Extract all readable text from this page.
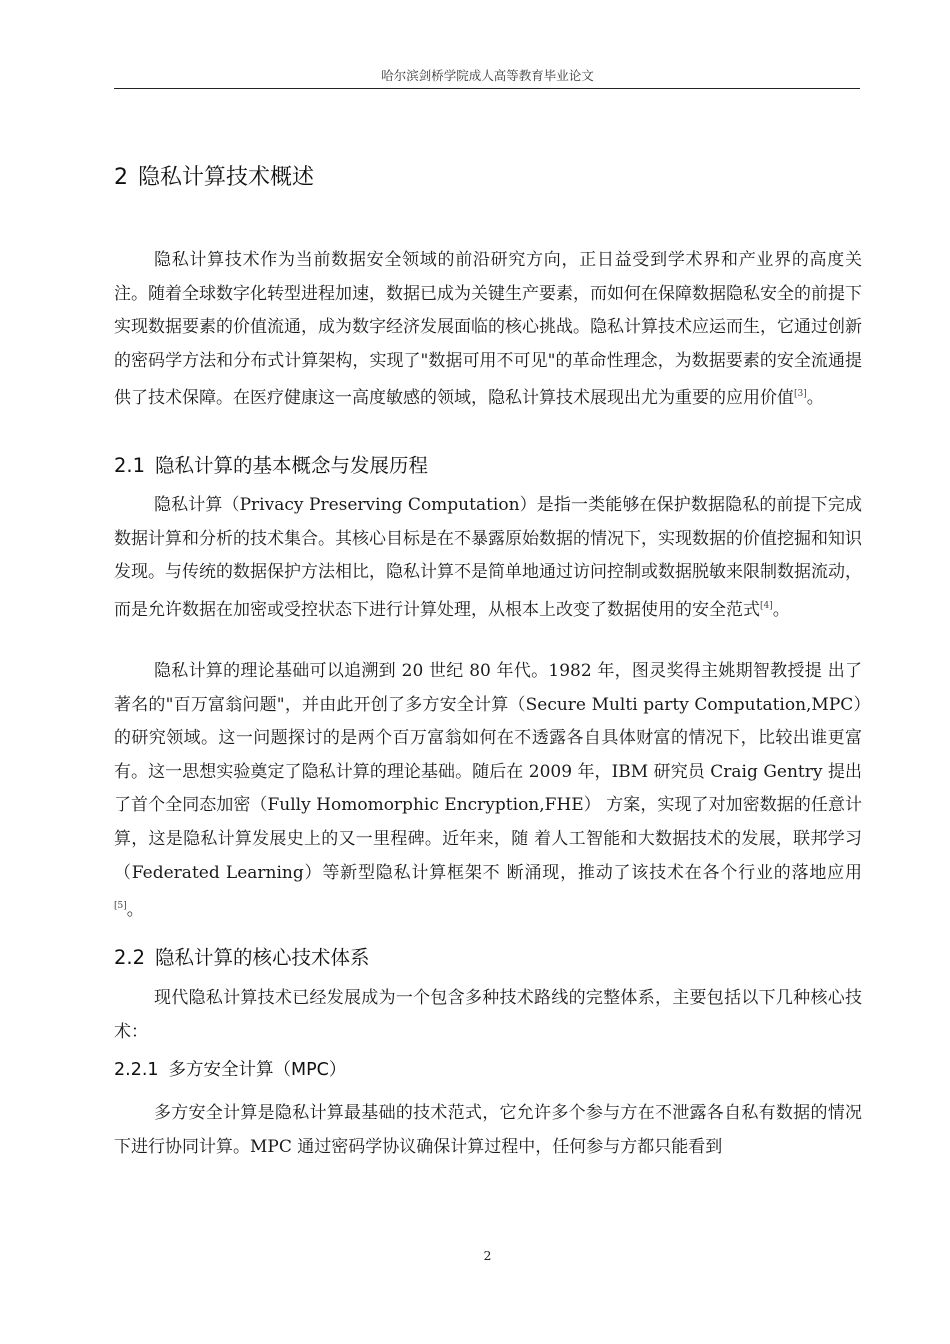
哈尔滨剑桥学院成人高等教育毕业论文
2 隐私计算技术概述

隐私计算技术作为当前数据安全领域的前沿研究方向，正日益受到学术界和产业界的高度关注。随着全球数字化转型进程加速，数据已成为关键生产要素，而如何在保障数据隐私安全的前提下实现数据要素的价值流通，成为数字经济发展面临的核心挑战。隐私计算技术应运而生，它通过创新的密码学方法和分布式计算架构，实现了"数据可用不可见"的革命性理念，为数据要素的安全流通提供了技术保障。在医疗健康这一高度敏感的领域，隐私计算技术展现出尤为重要的应用价值[3]。

2.1 隐私计算的基本概念与发展历程

隐私计算（Privacy Preserving Computation）是指一类能够在保护数据隐私的前提下完成数据计算和分析的技术集合。其核心目标是在不暴露原始数据的情况下，实现数据的价值挖掘和知识发现。与传统的数据保护方法相比，隐私计算不是简单地通过访问控制或数据脱敏来限制数据流动，而是允许数据在加密或受控状态下进行计算处理，从根本上改变了数据使用的安全范式[4]。

隐私计算的理论基础可以追溯到 20 世纪 80 年代。1982 年，图灵奖得主姚期智教授提 出了著名的"百万富翁问题"，并由此开创了多方安全计算（Secure Multi party Computation,MPC）的研究领域。这一问题探讨的是两个百万富翁如何在不透露各自具体财富的情况下，比较出谁更富有。这一思想实验奠定了隐私计算的理论基础。随后在 2009 年，IBM 研究员 Craig Gentry 提出了首个全同态加密（Fully Homomorphic Encryption,FHE） 方案，实现了对加密数据的任意计算，这是隐私计算发展史上的又一里程碑。近年来，随 着人工智能和大数据技术的发展，联邦学习（Federated Learning）等新型隐私计算框架不 断涌现，推动了该技术在各个行业的落地应用[5]。

2.2 隐私计算的核心技术体系

现代隐私计算技术已经发展成为一个包含多种技术路线的完整体系，主要包括以下几种核心技术：

2.2.1 多方安全计算（MPC）

多方安全计算是隐私计算最基础的技术范式，它允许多个参与方在不泄露各自私有数据的情况下进行协同计算。MPC 通过密码学协议确保计算过程中，任何参与方都只能看到

2
